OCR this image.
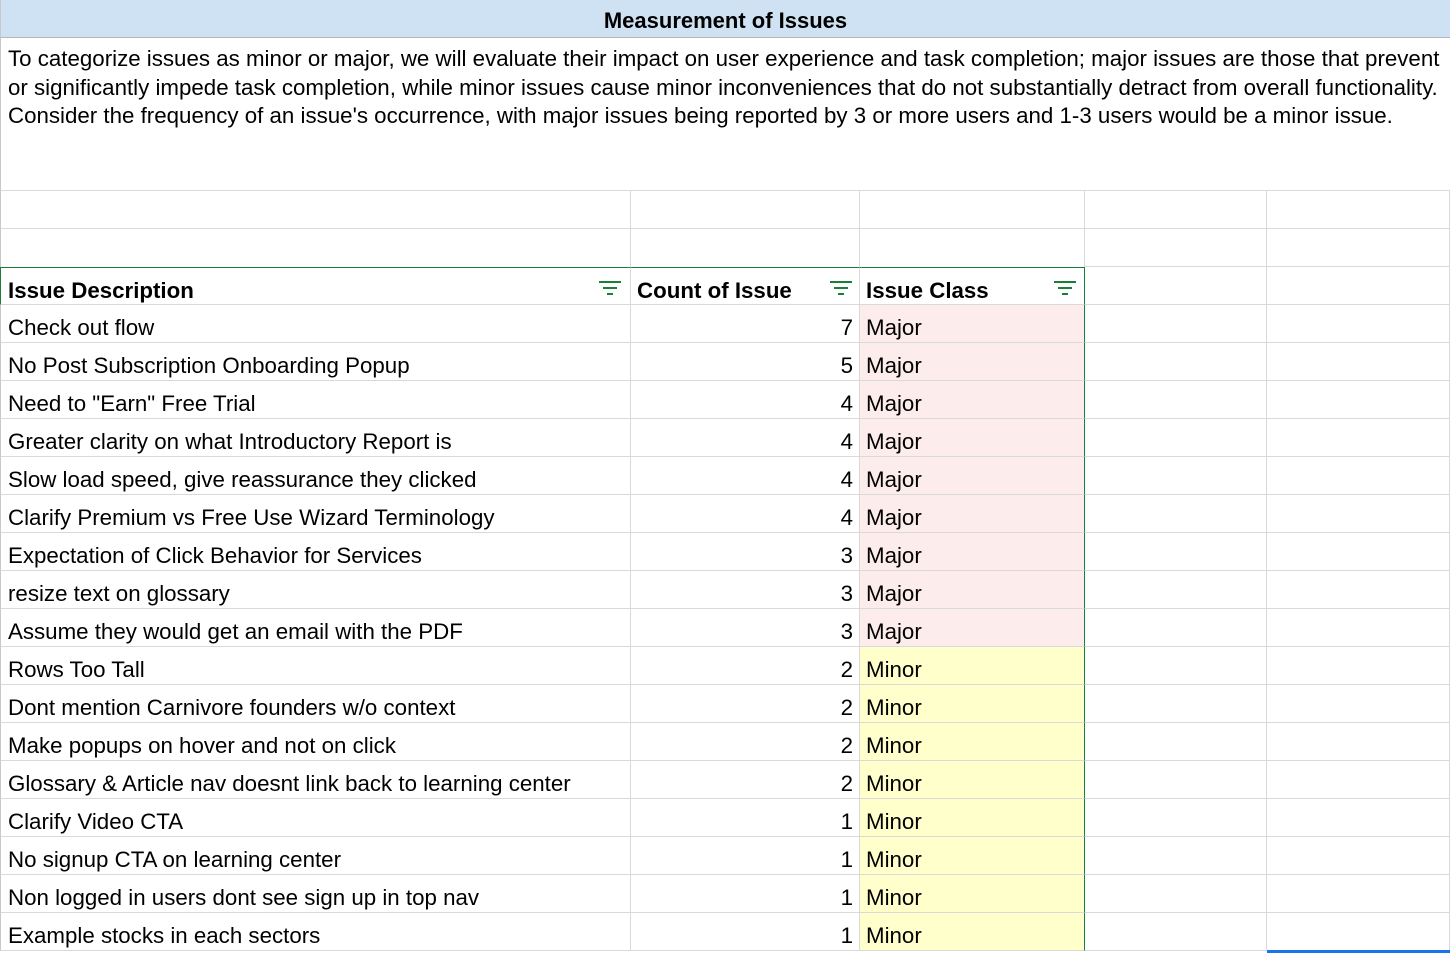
Measurement of Issues
To categorize issues as minor or major, we will evaluate their impact on user experience and task completion; major issues are those that prevent or significantly impede task completion, while minor issues cause minor inconveniences that do not substantially detract from overall functionality. Consider the frequency of an issue's occurrence, with major issues being reported by 3 or more users and 1-3 users would be a minor issue.
Issue Description	Count of Issue	Issue Class
Check out flow	7 Major
No Post Subscription Onboarding Popup	5 Major
Need to "Earn" Free Trial	4 Major
Greater clarity on what Introductory Report is	4 Major
Slow load speed, give reassurance they clicked	4 Major
Clarify Premium vs Free Use Wizard Terminology	4 Major
Expectation of Click Behavior for Services	3 Major
resize text on glossary	3 Major
Assume they would get an email with the PDF	3 Major
Rows Too Tall	2 Minor
Dont mention Carnivore founders w/o context	2 Minor
Make popups on hover and not on click	2 Minor
Glossary & Article nav doesnt link back to learning center	2 Minor
Clarify Video CTA	1 Minor
No signup CTA on learning center	1 Minor
Non logged in users dont see sign up in top nav	1 Minor
Example stocks in each sectors	1 Minor
